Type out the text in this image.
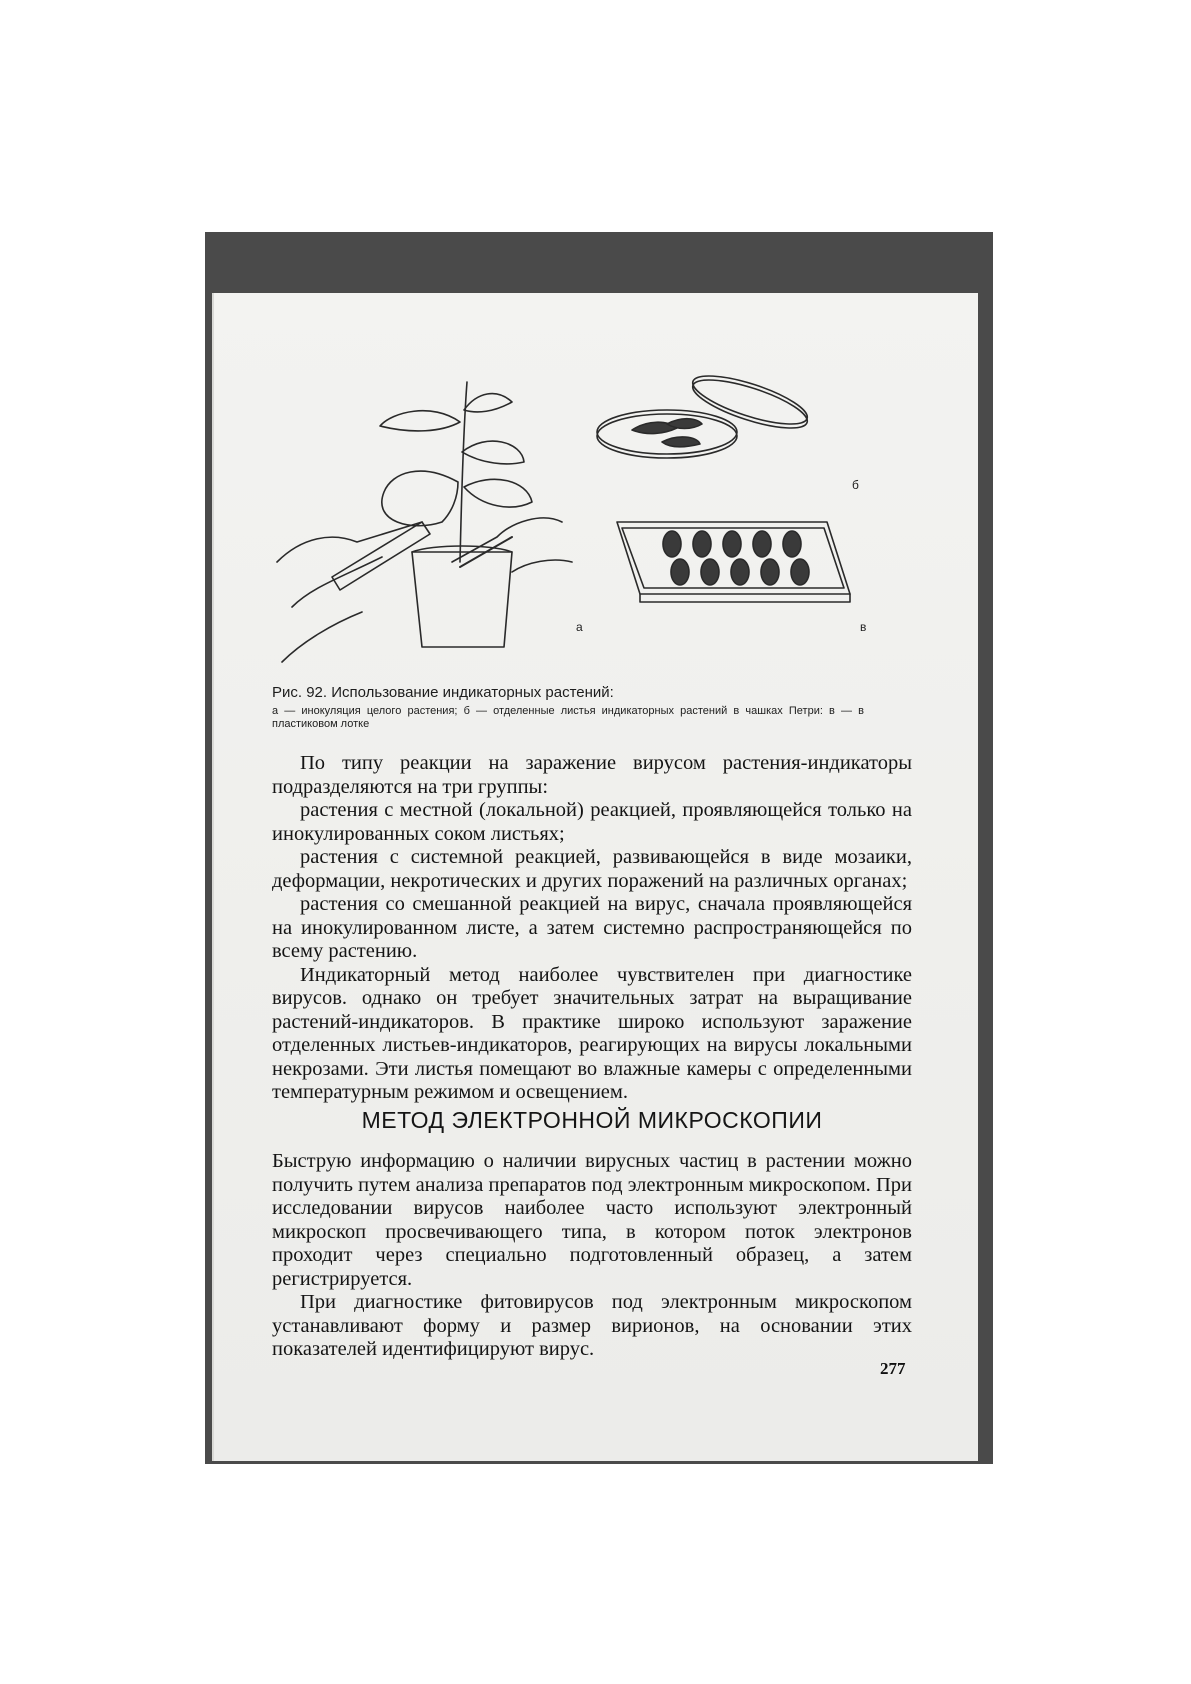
а
б
в
Рис. 92. Использование индикаторных растений:
а — инокуляция целого растения; б — отделенные листья индикаторных растений в чашках Петри: в — в пластиковом лотке

По типу реакции на заражение вирусом растения-индикаторы подразделяются на три группы:

растения с местной (локальной) реакцией, проявляющейся только на инокулированных соком листьях;

растения с системной реакцией, развивающейся в виде мозаики, деформации, некротических и других поражений на различных органах;

растения со смешанной реакцией на вирус, сначала проявляющейся на инокулированном листе, а затем системно распространяющейся по всему растению.

Индикаторный метод наиболее чувствителен при диагностике вирусов. однако он требует значительных затрат на выращивание растений-индикаторов. В практике широко используют заражение отделенных листьев-индикаторов, реагирующих на вирусы локальными некрозами. Эти листья помещают во влажные камеры с определенными температурным режимом и освещением.

МЕТОД ЭЛЕКТРОННОЙ МИКРОСКОПИИ

Быструю информацию о наличии вирусных частиц в растении можно получить путем анализа препаратов под электронным микроскопом. При исследовании вирусов наиболее часто используют электронный микроскоп просвечивающего типа, в котором поток электронов проходит через специально подготовленный образец, а затем регистрируется.

При диагностике фитовирусов под электронным микроскопом устанавливают форму и размер вирионов, на основании этих показателей идентифицируют вирус.

277
